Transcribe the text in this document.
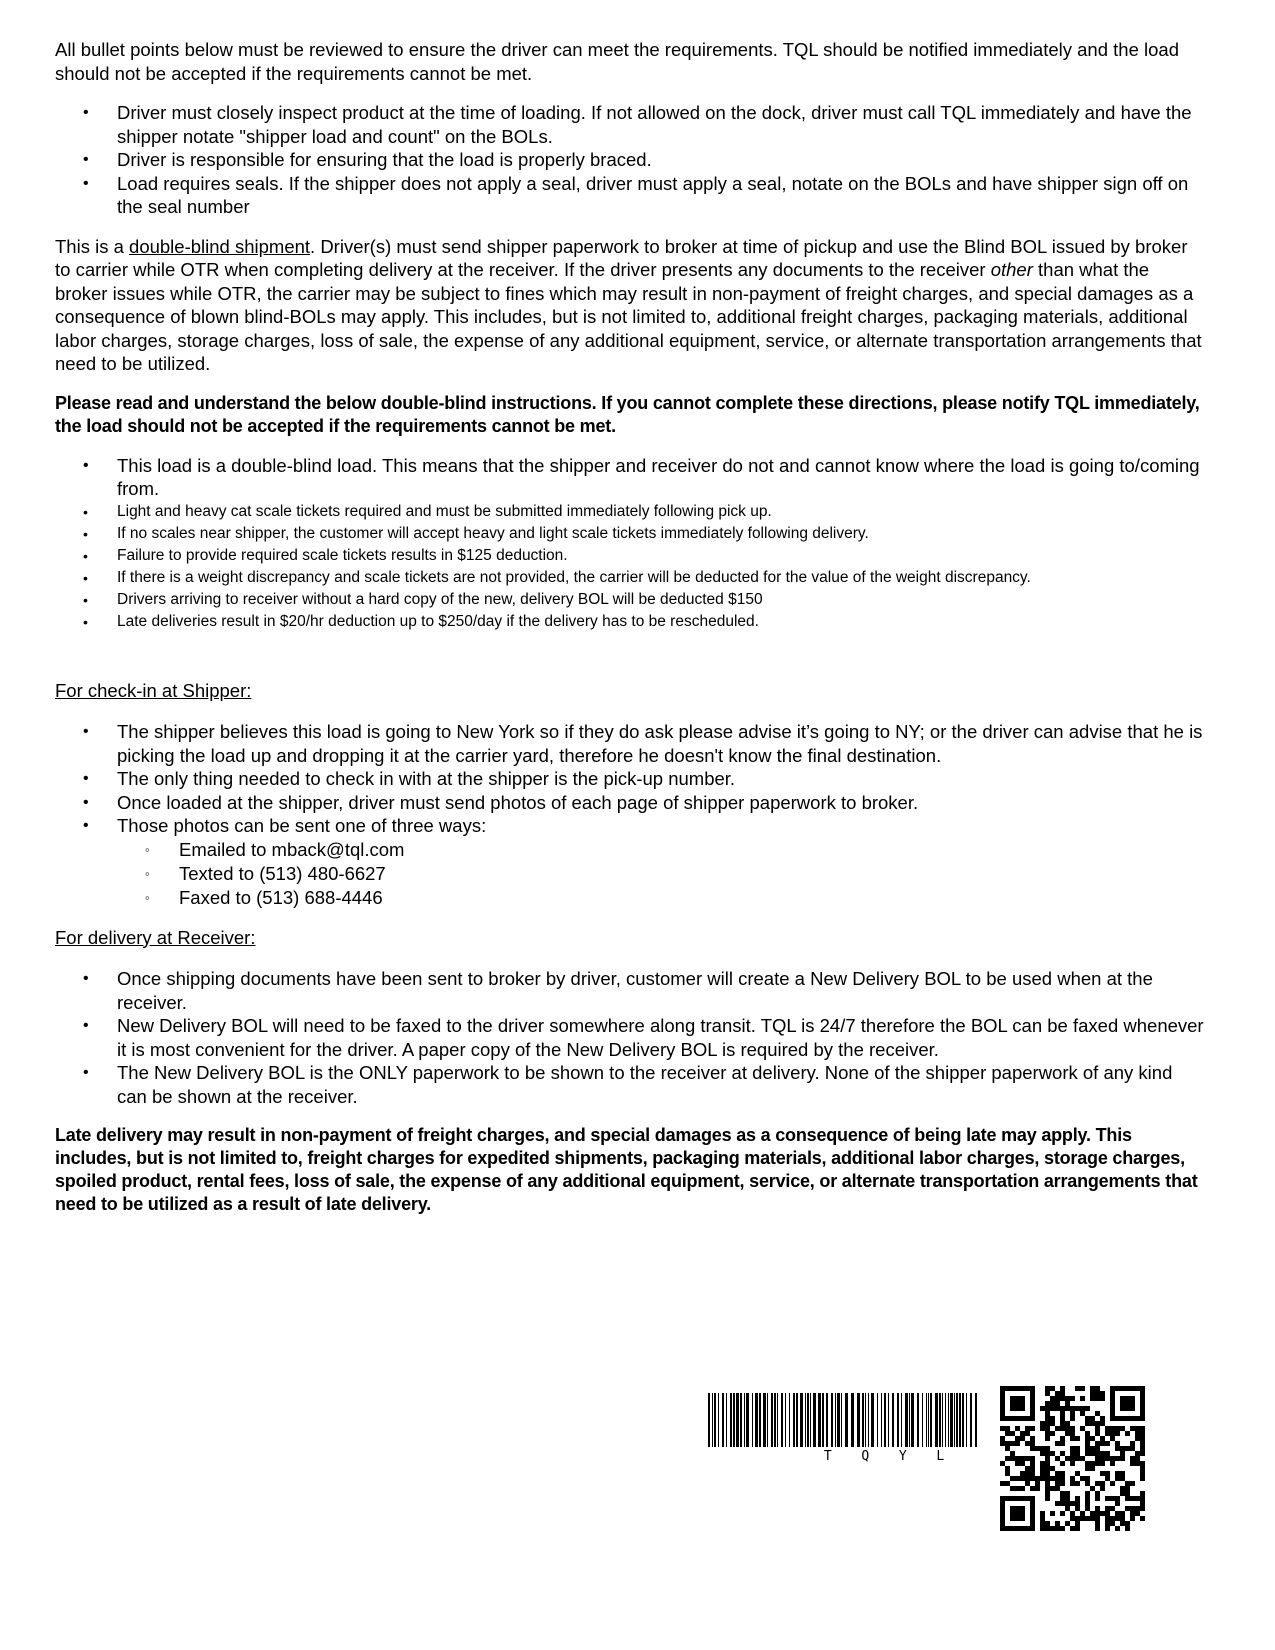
All bullet points below must be reviewed to ensure the driver can meet the requirements. TQL should be notified immediately and the load should not be accepted if the requirements cannot be met.

• Driver must closely inspect product at the time of loading. If not allowed on the dock, driver must call TQL immediately and have the shipper notate "shipper load and count" on the BOLs.
• Driver is responsible for ensuring that the load is properly braced.
• Load requires seals. If the shipper does not apply a seal, driver must apply a seal, notate on the BOLs and have shipper sign off on the seal number

This is a double-blind shipment. Driver(s) must send shipper paperwork to broker at time of pickup and use the Blind BOL issued by broker to carrier while OTR when completing delivery at the receiver. If the driver presents any documents to the receiver other than what the broker issues while OTR, the carrier may be subject to fines which may result in non-payment of freight charges, and special damages as a consequence of blown blind-BOLs may apply. This includes, but is not limited to, additional freight charges, packaging materials, additional labor charges, storage charges, loss of sale, the expense of any additional equipment, service, or alternate transportation arrangements that need to be utilized.

Please read and understand the below double-blind instructions. If you cannot complete these directions, please notify TQL immediately, the load should not be accepted if the requirements cannot be met.

• This load is a double-blind load. This means that the shipper and receiver do not and cannot know where the load is going to/coming from.
• Light and heavy cat scale tickets required and must be submitted immediately following pick up.
• If no scales near shipper, the customer will accept heavy and light scale tickets immediately following delivery.
• Failure to provide required scale tickets results in $125 deduction.
• If there is a weight discrepancy and scale tickets are not provided, the carrier will be deducted for the value of the weight discrepancy.
• Drivers arriving to receiver without a hard copy of the new, delivery BOL will be deducted $150
• Late deliveries result in $20/hr deduction up to $250/day if the delivery has to be rescheduled.

For check-in at Shipper:

• The shipper believes this load is going to New York so if they do ask please advise it’s going to NY; or the driver can advise that he is picking the load up and dropping it at the carrier yard, therefore he doesn't know the final destination.
• The only thing needed to check in with at the shipper is the pick-up number.
• Once loaded at the shipper, driver must send photos of each page of shipper paperwork to broker.
• Those photos can be sent one of three ways:
◦ Emailed to mback@tql.com
◦ Texted to (513) 480-6627
◦ Faxed to (513) 688-4446

For delivery at Receiver:

• Once shipping documents have been sent to broker by driver, customer will create a New Delivery BOL to be used when at the receiver.
• New Delivery BOL will need to be faxed to the driver somewhere along transit. TQL is 24/7 therefore the BOL can be faxed whenever it is most convenient for the driver. A paper copy of the New Delivery BOL is required by the receiver.
• The New Delivery BOL is the ONLY paperwork to be shown to the receiver at delivery. None of the shipper paperwork of any kind can be shown at the receiver.

Late delivery may result in non-payment of freight charges, and special damages as a consequence of being late may apply. This includes, but is not limited to, freight charges for expedited shipments, packaging materials, additional labor charges, storage charges, spoiled product, rental fees, loss of sale, the expense of any additional equipment, service, or alternate transportation arrangements that need to be utilized as a result of late delivery.

T Q Y L
